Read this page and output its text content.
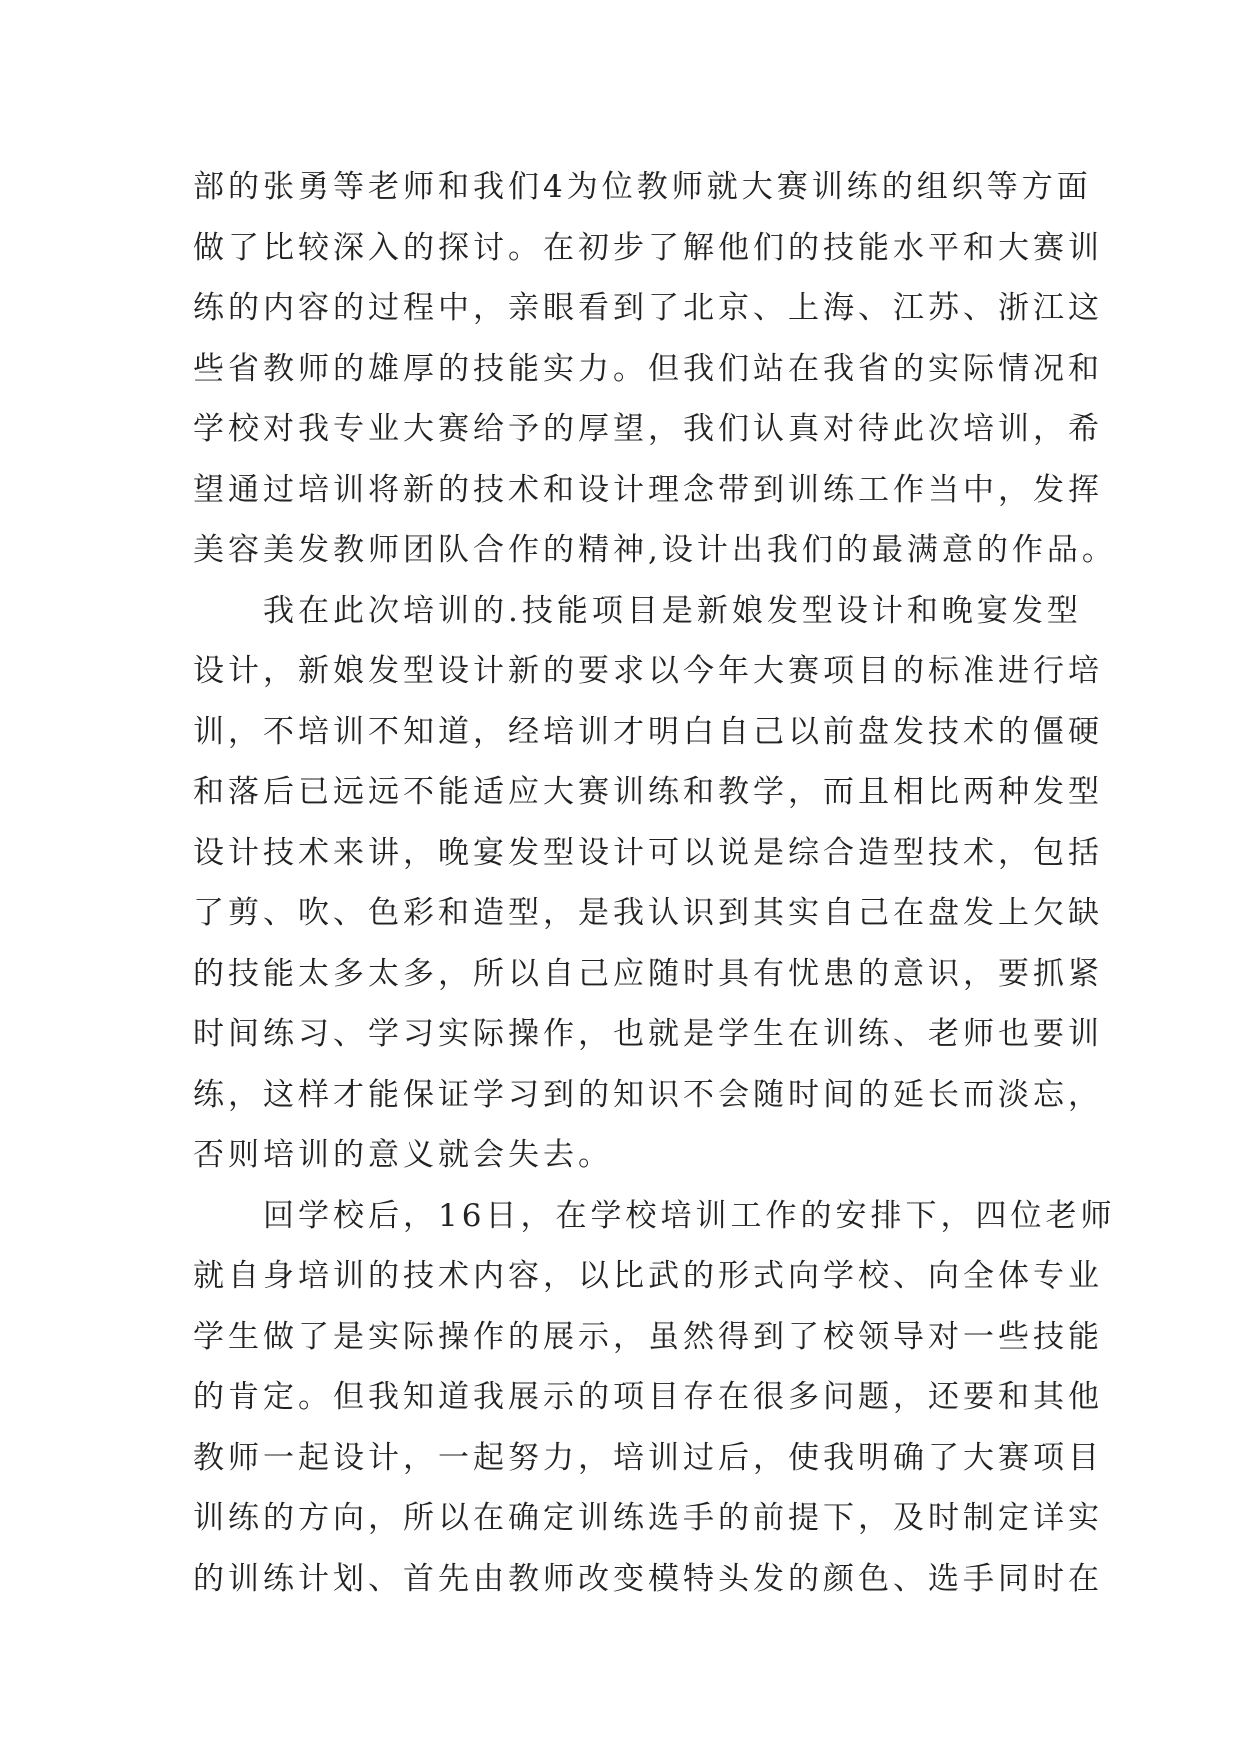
部的张勇等老师和我们4为位教师就大赛训练的组织等方面
做了比较深入的探讨。在初步了解他们的技能水平和大赛训
练的内容的过程中，亲眼看到了北京、上海、江苏、浙江这
些省教师的雄厚的技能实力。但我们站在我省的实际情况和
学校对我专业大赛给予的厚望，我们认真对待此次培训，希
望通过培训将新的技术和设计理念带到训练工作当中，发挥
美容美发教师团队合作的精神,设计出我们的最满意的作品。
　　我在此次培训的.技能项目是新娘发型设计和晚宴发型
设计，新娘发型设计新的要求以今年大赛项目的标准进行培
训，不培训不知道，经培训才明白自己以前盘发技术的僵硬
和落后已远远不能适应大赛训练和教学，而且相比两种发型
设计技术来讲，晚宴发型设计可以说是综合造型技术，包括
了剪、吹、色彩和造型，是我认识到其实自己在盘发上欠缺
的技能太多太多，所以自己应随时具有忧患的意识，要抓紧
时间练习、学习实际操作，也就是学生在训练、老师也要训
练，这样才能保证学习到的知识不会随时间的延长而淡忘，
否则培训的意义就会失去。
　　回学校后，16日，在学校培训工作的安排下，四位老师
就自身培训的技术内容，以比武的形式向学校、向全体专业
学生做了是实际操作的展示，虽然得到了校领导对一些技能
的肯定。但我知道我展示的项目存在很多问题，还要和其他
教师一起设计，一起努力，培训过后，使我明确了大赛项目
训练的方向，所以在确定训练选手的前提下，及时制定详实
的训练计划、首先由教师改变模特头发的颜色、选手同时在
